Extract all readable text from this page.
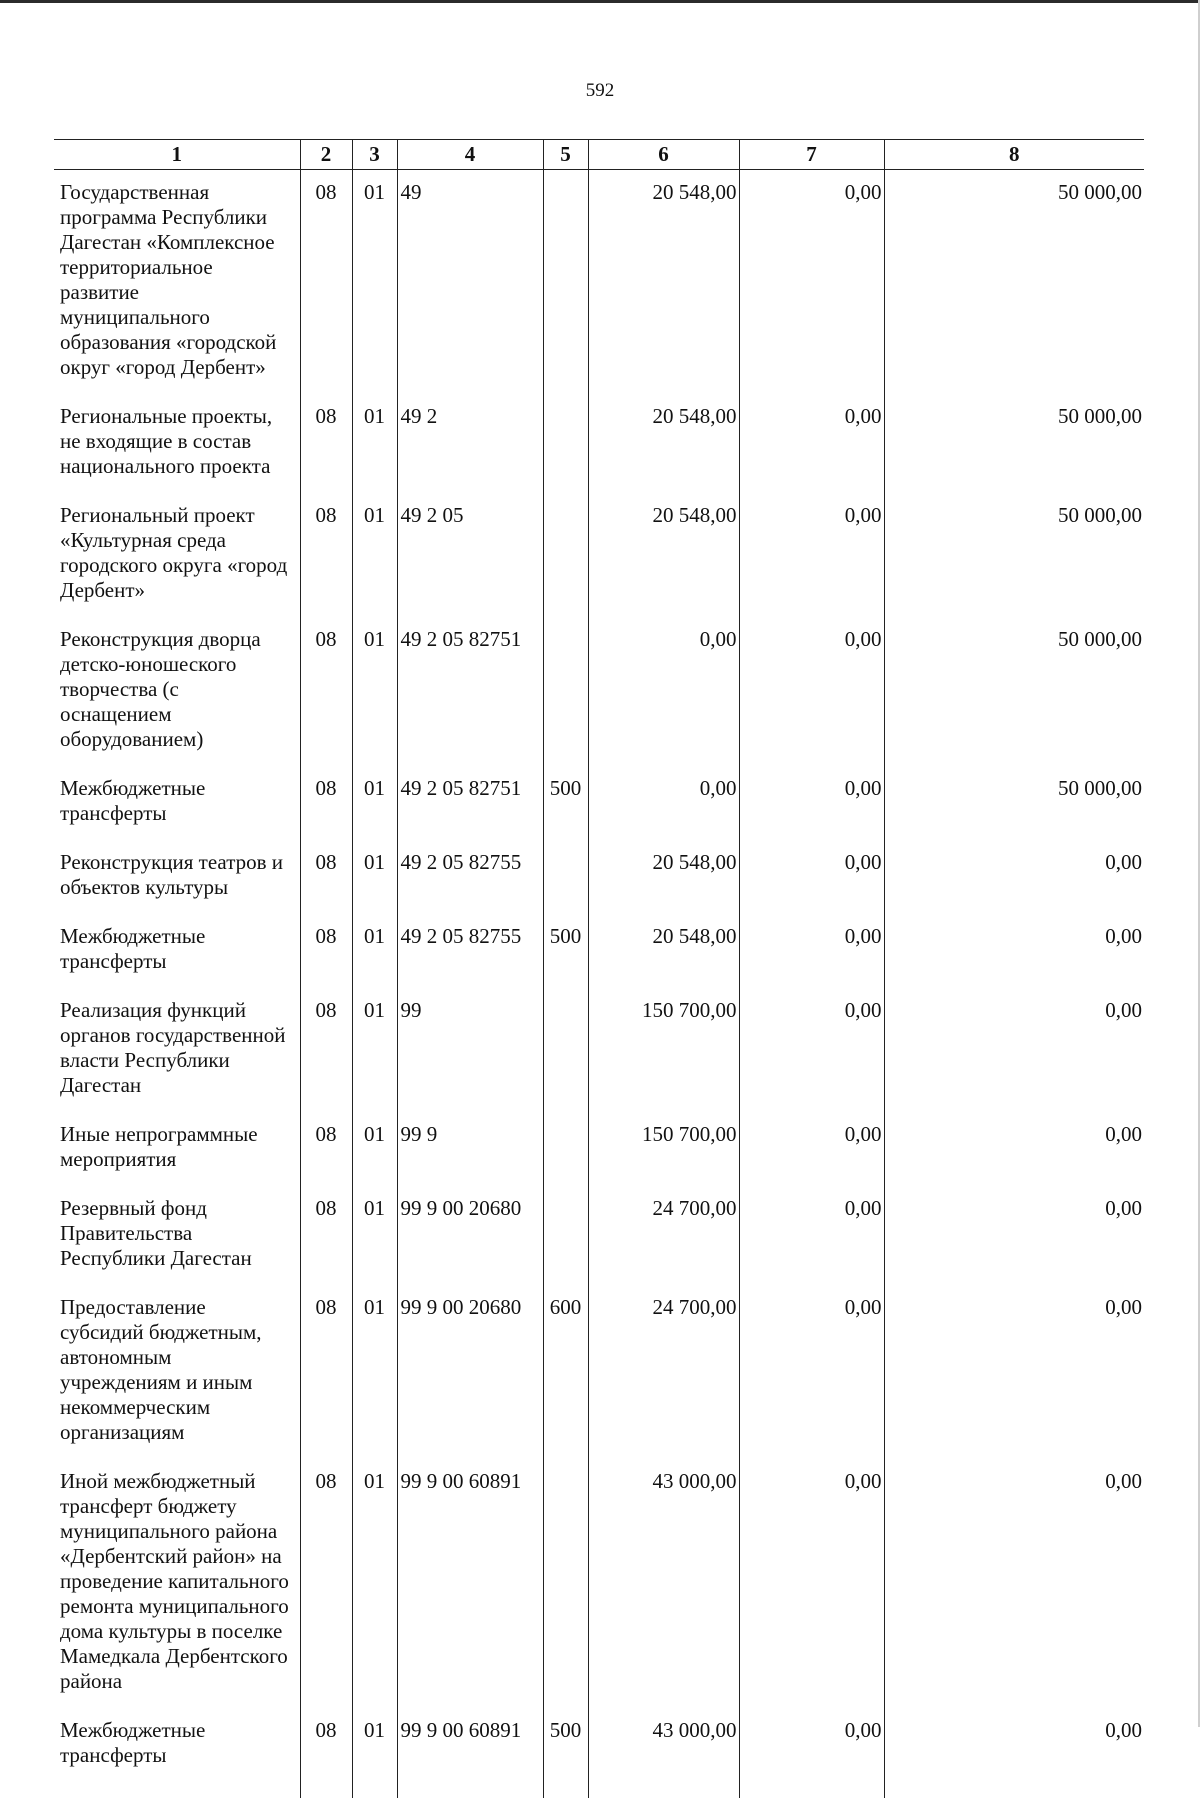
592
1	2	3	4	5	6	7	8
Государственная программа Республики Дагестан «Комплексное территориальное развитие муниципального образования «городской округ «город Дербент»	08	01	49		20 548,00	0,00	50 000,00
Региональные проекты, не входящие в состав национального проекта	08	01	49 2		20 548,00	0,00	50 000,00
Региональный проект «Культурная среда городского округа «город Дербент»	08	01	49 2 05		20 548,00	0,00	50 000,00
Реконструкция дворца детско-юношеского творчества (с оснащением оборудованием)	08	01	49 2 05 82751		0,00	0,00	50 000,00
Межбюджетные трансферты	08	01	49 2 05 82751	500	0,00	0,00	50 000,00
Реконструкция театров и объектов культуры	08	01	49 2 05 82755		20 548,00	0,00	0,00
Межбюджетные трансферты	08	01	49 2 05 82755	500	20 548,00	0,00	0,00
Реализация функций органов государственной власти Республики Дагестан	08	01	99		150 700,00	0,00	0,00
Иные непрограммные мероприятия	08	01	99 9		150 700,00	0,00	0,00
Резервный фонд Правительства Республики Дагестан	08	01	99 9 00 20680		24 700,00	0,00	0,00
Предоставление субсидий бюджетным, автономным учреждениям и иным некоммерческим организациям	08	01	99 9 00 20680	600	24 700,00	0,00	0,00
Иной межбюджетный трансферт бюджету муниципального района «Дербентский район» на проведение капитального ремонта муниципального дома культуры в поселке Мамедкала Дербентского района	08	01	99 9 00 60891		43 000,00	0,00	0,00
Межбюджетные трансферты	08	01	99 9 00 60891	500	43 000,00	0,00	0,00
